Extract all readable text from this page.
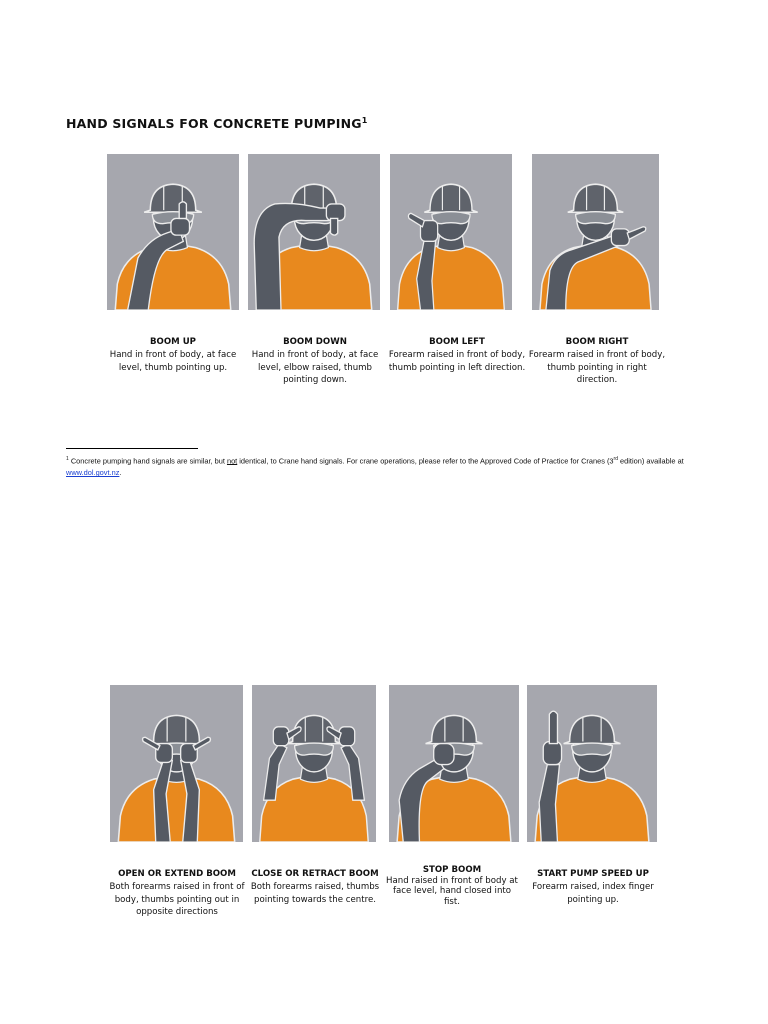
HAND SIGNALS FOR CONCRETE PUMPING$^1$
BOOM UP
Hand in front of body, at face level, thumb pointing up.
BOOM DOWN
Hand in front of body, at face level, elbow raised, thumb pointing down.
BOOM LEFT
Forearm raised in front of body, thumb pointing in left direction.
BOOM RIGHT
Forearm raised in front of body, thumb pointing in right direction.
$^1$ Concrete pumping hand signals are similar, but not identical, to Crane hand signals. For crane operations, please refer to the Approved Code of Practice for Cranes (3rd edition) available at www.dol.govt.nz.
OPEN OR EXTEND BOOM
Both forearms raised in front of body, thumbs pointing out in opposite directions
CLOSE OR RETRACT BOOM
Both forearms raised, thumbs pointing towards the centre.
STOP BOOM
Hand raised in front of body at face level, hand closed into fist.
START PUMP SPEED UP
Forearm raised, index finger pointing up.
